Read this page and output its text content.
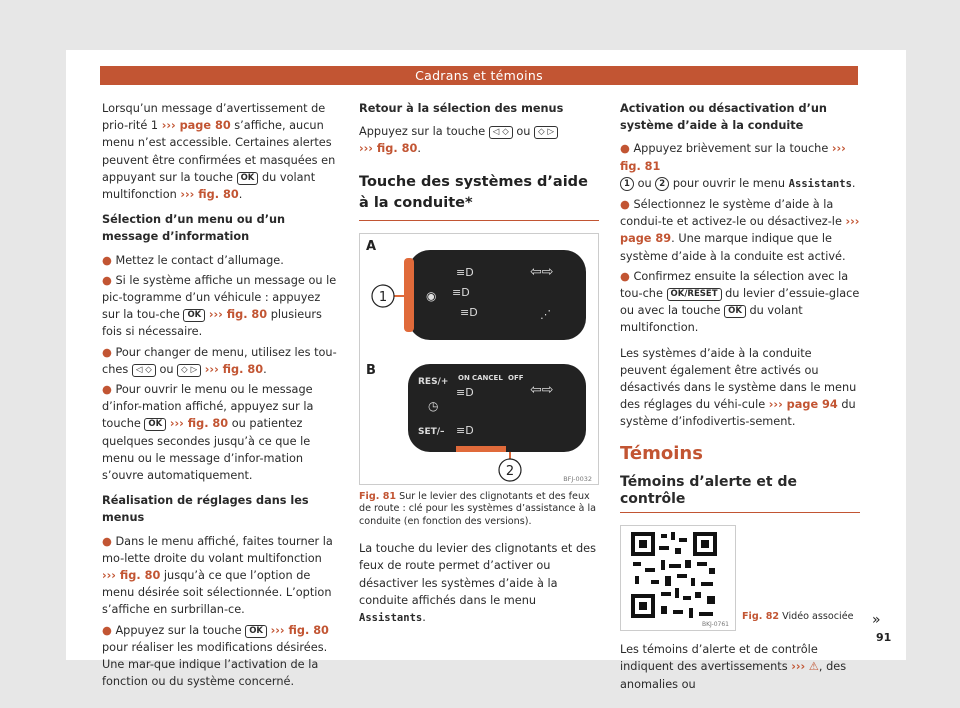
Cadrans et témoins

Lorsqu’un message d’avertissement de prio-rité 1 ››› page 80 s’affiche, aucun menu n’est accessible. Certaines alertes peuvent être confirmées et masquées en appuyant sur la touche OK du volant multifonction ››› fig. 80.

Sélection d’un menu ou d’un message d’information

● Mettez le contact d’allumage.

● Si le système affiche un message ou le pic-togramme d’un véhicule : appuyez sur la tou-che OK ››› fig. 80 plusieurs fois si nécessaire.

● Pour changer de menu, utilisez les tou-ches ◁ ◇ ou ◇ ▷ ››› fig. 80.

● Pour ouvrir le menu ou le message d’infor-mation affiché, appuyez sur la touche OK ››› fig. 80 ou patientez quelques secondes jusqu’à ce que le menu ou le message d’infor-mation s’ouvre automatiquement.

Réalisation de réglages dans les menus

● Dans le menu affiché, faites tourner la mo-lette droite du volant multifonction ››› fig. 80 jusqu’à ce que l’option de menu désirée soit sélectionnée. L’option s’affiche en surbrillan-ce.

● Appuyez sur la touche OK ››› fig. 80 pour réaliser les modifications désirées. Une mar-que indique l’activation de la fonction ou du système concerné.

Retour à la sélection des menus

Appuyez sur la touche ◁ ◇ ou ◇ ▷
››› fig. 80.

Touche des systèmes d’aide à la conduite*
≡D
≡D
≡D
⇦⇨
⋰
◉
RES/+
SET/–
ON CANCEL OFF
≡D
≡D
⇦⇨
◷
A
B
1
2	BFJ-0032
Fig. 81 Sur le levier des clignotants et des feux de route : clé pour les systèmes d’assistance à la conduite (en fonction des versions).

La touche du levier des clignotants et des feux de route permet d’activer ou désactiver les systèmes d’aide à la conduite affichés dans le menu Assistants.

Activation ou désactivation d’un système d’aide à la conduite

● Appuyez brièvement sur la touche ››› fig. 81
1 ou 2 pour ouvrir le menu Assistants.

● Sélectionnez le système d’aide à la condui-te et activez-le ou désactivez-le ››› page 89. Une marque indique que le système d’aide à la conduite est activé.

● Confirmez ensuite la sélection avec la tou-che OK/RESET du levier d’essuie-glace ou avec la touche OK du volant multifonction.

Les systèmes d’aide à la conduite peuvent également être activés ou désactivés dans le système dans le menu des réglages du véhi-cule ››› page 94 du système d’infodivertis-sement.

Témoins
Témoins d’alerte et de contrôle
BKJ-0761
Fig. 82 Vidéo associée

Les témoins d’alerte et de contrôle indiquent des avertissements ››› ⚠, des anomalies ou

»
91
